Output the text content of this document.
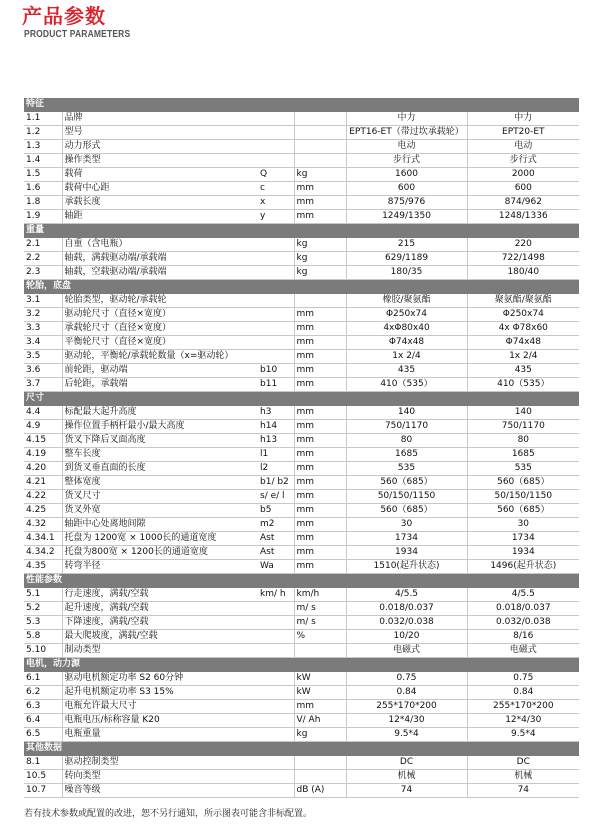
产品参数
PRODUCT PARAMETERS
特征					
1.1	品牌			中力	中力
1.2	型号			EPT16-ET（带过坎承载轮）	EPT20-ET
1.3	动力形式			电动	电动
1.4	操作类型			步行式	步行式
1.5	载荷	Q	kg	1600	2000
1.6	载荷中心距	c	mm	600	600
1.8	承载长度	x	mm	875/976	874/962
1.9	轴距	y	mm	1249/1350	1248/1336
重量					
2.1	自重（含电瓶）		kg	215	220
2.2	轴载，满载驱动端/承载端		kg	629/1189	722/1498
2.3	轴载，空载驱动端/承载端		kg	180/35	180/40
轮胎，底盘					
3.1	轮胎类型，驱动轮/承载轮			橡胶/聚氨酯	聚氨酯/聚氨酯
3.2	驱动轮尺寸（直径×宽度）		mm	Φ250x74	Φ250x74
3.3	承载轮尺寸（直径×宽度）		mm	4xΦ80x40	4x Φ78x60
3.4	平衡轮尺寸（直径×宽度）		mm	Φ74x48	Φ74x48
3.5	驱动轮，平衡轮/承载轮数量（x=驱动轮）		mm	1x 2/4	1x 2/4
3.6	前轮距，驱动端	b10	mm	435	435
3.7	后轮距，承载端	b11	mm	410（535）	410（535）
尺寸					
4.4	标配最大起升高度	h3	mm	140	140
4.9	操作位置手柄杆最小/最大高度	h14	mm	750/1170	750/1170
4.15	货叉下降后叉面高度	h13	mm	80	80
4.19	整车长度	l1	mm	1685	1685
4.20	到货叉垂直面的长度	l2	mm	535	535
4.21	整体宽度	b1/ b2	mm	560（685）	560（685）
4.22	货叉尺寸	s/ e/ l	mm	50/150/1150	50/150/1150
4.25	货叉外宽	b5	mm	560（685）	560（685）
4.32	轴距中心处离地间隙	m2	mm	30	30
4.34.1	托盘为 1200宽 × 1000长的通道宽度	Ast	mm	1734	1734
4.34.2	托盘为800宽 × 1200长的通道宽度	Ast	mm	1934	1934
4.35	转弯半径	Wa	mm	1510(起升状态)	1496(起升状态)
性能参数					
5.1	行走速度，满载/空载	km/ h	km/h	4/5.5	4/5.5
5.2	起升速度，满载/空载		m/ s	0.018/0.037	0.018/0.037
5.3	下降速度，满载/空载		m/ s	0.032/0.038	0.032/0.038
5.8	最大爬坡度，满载/空载		%	10/20	8/16
5.10	制动类型			电磁式	电磁式
电机，动力源					
6.1	驱动电机额定功率 S2 60分钟		kW	0.75	0.75
6.2	起升电机额定功率 S3 15%		kW	0.84	0.84
6.3	电瓶允许最大尺寸		mm	255*170*200	255*170*200
6.4	电瓶电压/标称容量 K20		V/ Ah	12*4/30	12*4/30
6.5	电瓶重量		kg	9.5*4	9.5*4
其他数据					
8.1	驱动控制类型			DC	DC
10.5	转向类型			机械	机械
10.7	噪音等级		dB (A)	74	74
若有技术参数或配置的改进，恕不另行通知，所示图表可能含非标配置。
